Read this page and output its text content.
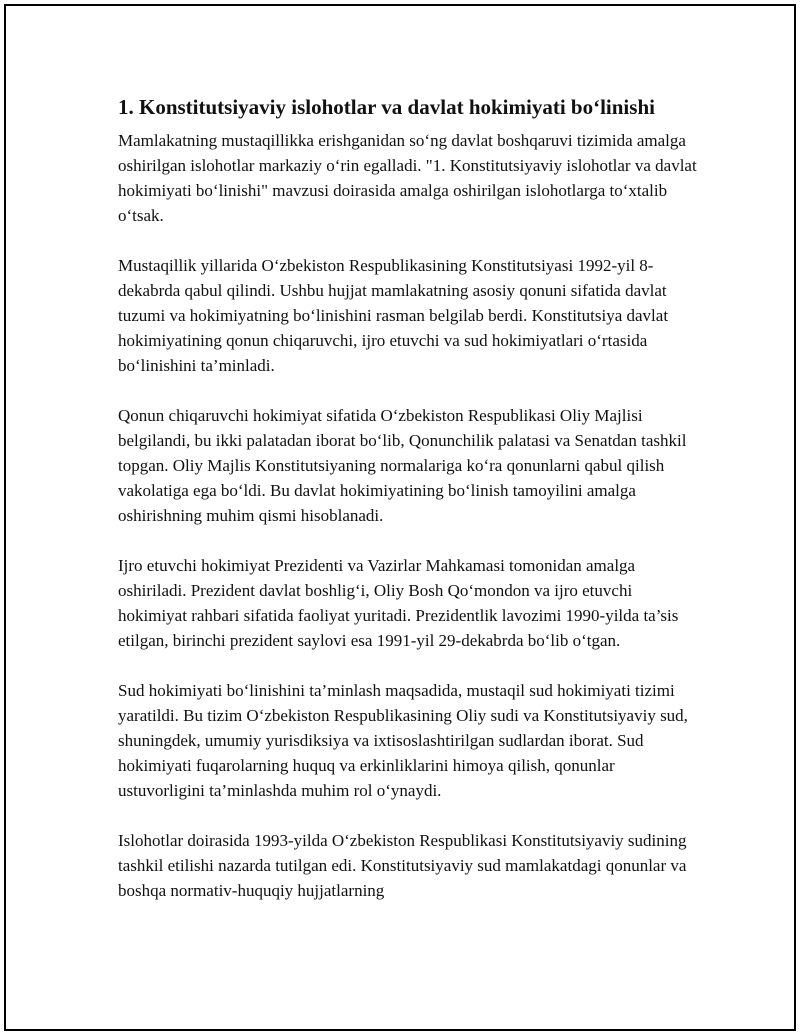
1. Konstitutsiyaviy islohotlar va davlat hokimiyati bo‘linishi

Mamlakatning mustaqillikka erishganidan so‘ng davlat boshqaruvi tizimida amalga oshirilgan islohotlar markaziy o‘rin egalladi. "1. Konstitutsiyaviy islohotlar va davlat hokimiyati bo‘linishi" mavzusi doirasida amalga oshirilgan islohotlarga to‘xtalib o‘tsak.

Mustaqillik yillarida O‘zbekiston Respublikasining Konstitutsiyasi 1992-yil 8-dekabrda qabul qilindi. Ushbu hujjat mamlakatning asosiy qonuni sifatida davlat tuzumi va hokimiyatning bo‘linishini rasman belgilab berdi. Konstitutsiya davlat hokimiyatining qonun chiqaruvchi, ijro etuvchi va sud hokimiyatlari o‘rtasida bo‘linishini ta’minladi.

Qonun chiqaruvchi hokimiyat sifatida O‘zbekiston Respublikasi Oliy Majlisi belgilandi, bu ikki palatadan iborat bo‘lib, Qonunchilik palatasi va Senatdan tashkil topgan. Oliy Majlis Konstitutsiyaning normalariga ko‘ra qonunlarni qabul qilish vakolatiga ega bo‘ldi. Bu davlat hokimiyatining bo‘linish tamoyilini amalga oshirishning muhim qismi hisoblanadi.

Ijro etuvchi hokimiyat Prezidenti va Vazirlar Mahkamasi tomonidan amalga oshiriladi. Prezident davlat boshlig‘i, Oliy Bosh Qo‘mondon va ijro etuvchi hokimiyat rahbari sifatida faoliyat yuritadi. Prezidentlik lavozimi 1990-yilda ta’sis etilgan, birinchi prezident saylovi esa 1991-yil 29-dekabrda bo‘lib o‘tgan.

Sud hokimiyati bo‘linishini ta’minlash maqsadida, mustaqil sud hokimiyati tizimi yaratildi. Bu tizim O‘zbekiston Respublikasining Oliy sudi va Konstitutsiyaviy sud, shuningdek, umumiy yurisdiksiya va ixtisoslashtirilgan sudlardan iborat. Sud hokimiyati fuqarolarning huquq va erkinliklarini himoya qilish, qonunlar ustuvorligini ta’minlashda muhim rol o‘ynaydi.

Islohotlar doirasida 1993-yilda O‘zbekiston Respublikasi Konstitutsiyaviy sudining tashkil etilishi nazarda tutilgan edi. Konstitutsiyaviy sud mamlakatdagi qonunlar va boshqa normativ-huquqiy hujjatlarning
